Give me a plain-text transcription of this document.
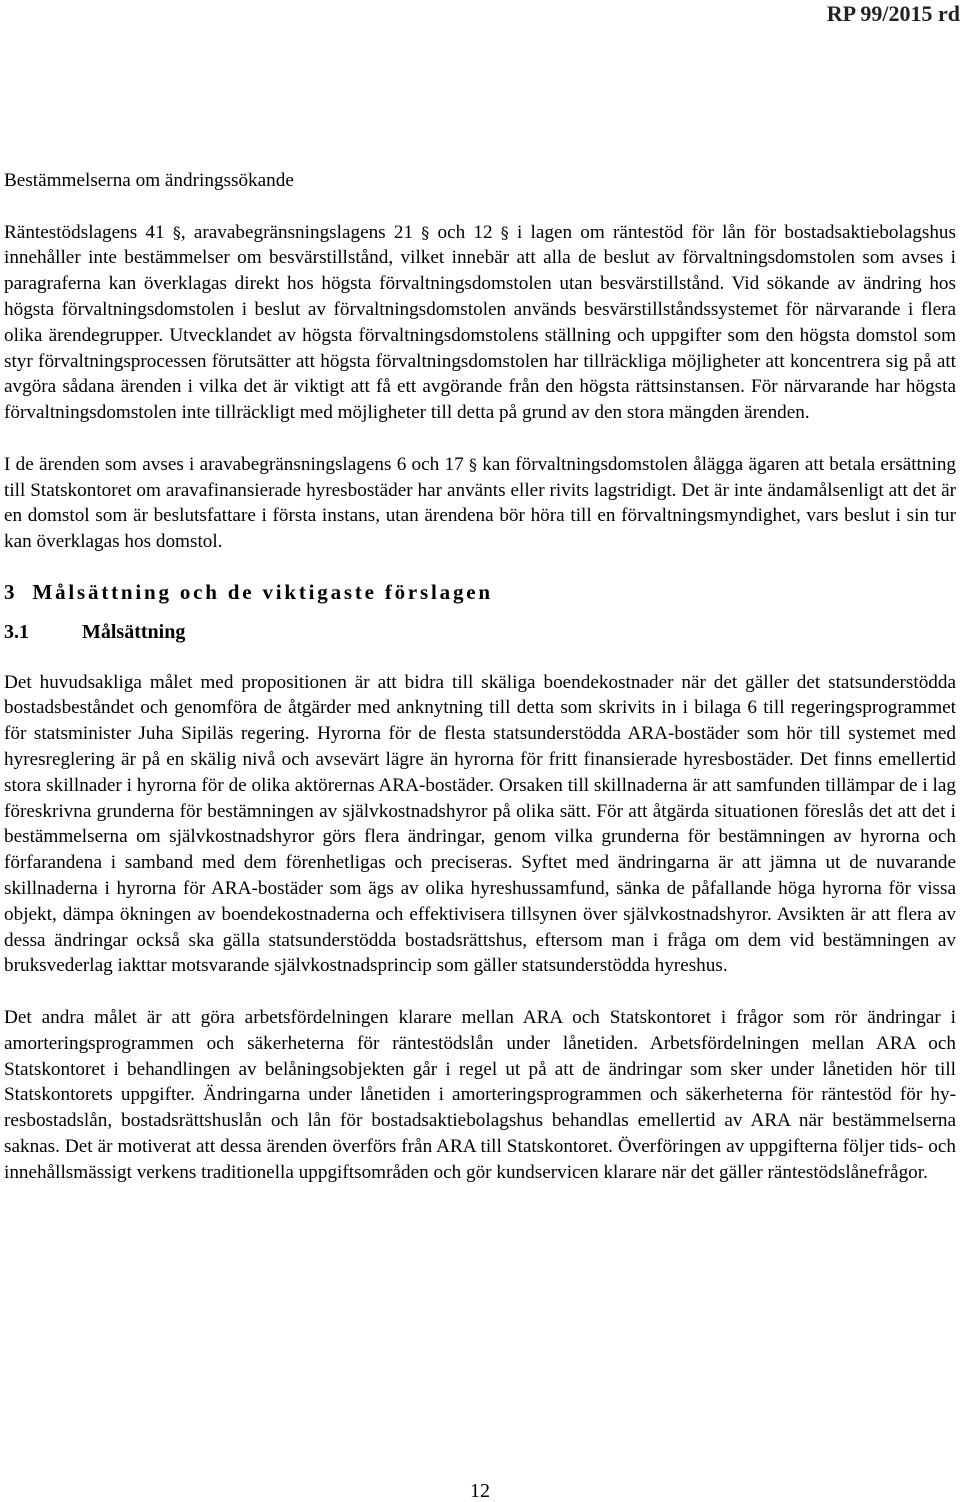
RP 99/2015 rd

Bestämmelserna om ändringssökande

Räntestödslagens 41 §, aravabegränsningslagens 21 § och 12 § i lagen om räntestöd för lån för bostadsaktiebolagshus innehåller inte bestämmelser om besvärstillstånd, vilket innebär att alla de beslut av förvaltningsdomstolen som avses i paragraferna kan överklagas direkt hos högsta förvaltningsdomstolen utan besvärstillstånd. Vid sökande av ändring hos högsta förvaltningsdomstolen i beslut av förvaltningsdomstolen används besvärstillståndssystemet för närvarande i flera olika ärendegrupper. Utvecklandet av högsta förvaltningsdomstolens ställning och uppgifter som den högsta domstol som styr förvaltningsprocessen förutsätter att högsta förvaltningsdomstolen har tillräckliga möjligheter att koncentrera sig på att avgöra sådana ärenden i vilka det är viktigt att få ett avgörande från den högsta rättsinstansen. För närvarande har högsta förvaltningsdomstolen inte tillräckligt med möjligheter till detta på grund av den stora mängden ärenden.

I de ärenden som avses i aravabegränsningslagens 6 och 17 § kan förvaltningsdomstolen ålägga ägaren att betala ersättning till Statskontoret om aravafinansierade hyresbostäder har använts eller rivits lagstridigt. Det är inte ändamålsenligt att det är en domstol som är beslutsfattare i första instans, utan ärendena bör höra till en förvaltningsmyndighet, vars beslut i sin tur kan överklagas hos domstol.

3 Målsättning och de viktigaste förslagen

3.1	Målsättning

Det huvudsakliga målet med propositionen är att bidra till skäliga boendekostnader när det gäller det statsunderstödda bostadsbeståndet och genomföra de åtgärder med anknytning till detta som skrivits in i bilaga 6 till regeringsprogrammet för statsminister Juha Sipiläs regering. Hyrorna för de flesta statsunderstödda ARA-bostäder som hör till systemet med hyresreglering är på en skälig nivå och avsevärt lägre än hyrorna för fritt finansierade hyresbostäder. Det finns emellertid stora skillnader i hyrorna för de olika aktörernas ARA-bostäder. Orsaken till skillnaderna är att samfunden tillämpar de i lag föreskrivna grunderna för bestämningen av självkostnadshyror på olika sätt. För att åtgärda situationen föreslås det att det i bestämmelserna om självkostnadshyror görs flera ändringar, genom vilka grunderna för bestämningen av hyrorna och förfarandena i samband med dem förenhetligas och preciseras. Syftet med ändringarna är att jämna ut de nuvarande skillnaderna i hyrorna för ARA-bostäder som ägs av olika hyreshussamfund, sänka de påfallande höga hyrorna för vissa objekt, dämpa ökningen av boendekostnaderna och effektivisera tillsynen över självkostnadshyror. Avsikten är att flera av dessa ändringar också ska gälla statsunderstödda bostadsrättshus, eftersom man i fråga om dem vid bestämningen av bruksvederlag iakttar motsvarande självkostnadsprincip som gäller statsunderstödda hyreshus.

Det andra målet är att göra arbetsfördelningen klarare mellan ARA och Statskontoret i frågor som rör ändringar i amorteringsprogrammen och säkerheterna för räntestödslån under lånetiden. Arbetsfördelningen mellan ARA och Statskontoret i behandlingen av belåningsobjekten går i regel ut på att de ändringar som sker under lånetiden hör till Statskontorets uppgifter. Ändringarna under lånetiden i amorteringsprogrammen och säkerheterna för räntestöd för hyresbostadslån, bostadsrättshuslån och lån för bostadsaktiebolagshus behandlas emellertid av ARA när bestämmelserna saknas. Det är motiverat att dessa ärenden överförs från ARA till Statskontoret. Överföringen av uppgifterna följer tids- och innehållsmässigt verkens traditionella uppgiftsområden och gör kundservicen klarare när det gäller räntestödslånefrågor.

12
